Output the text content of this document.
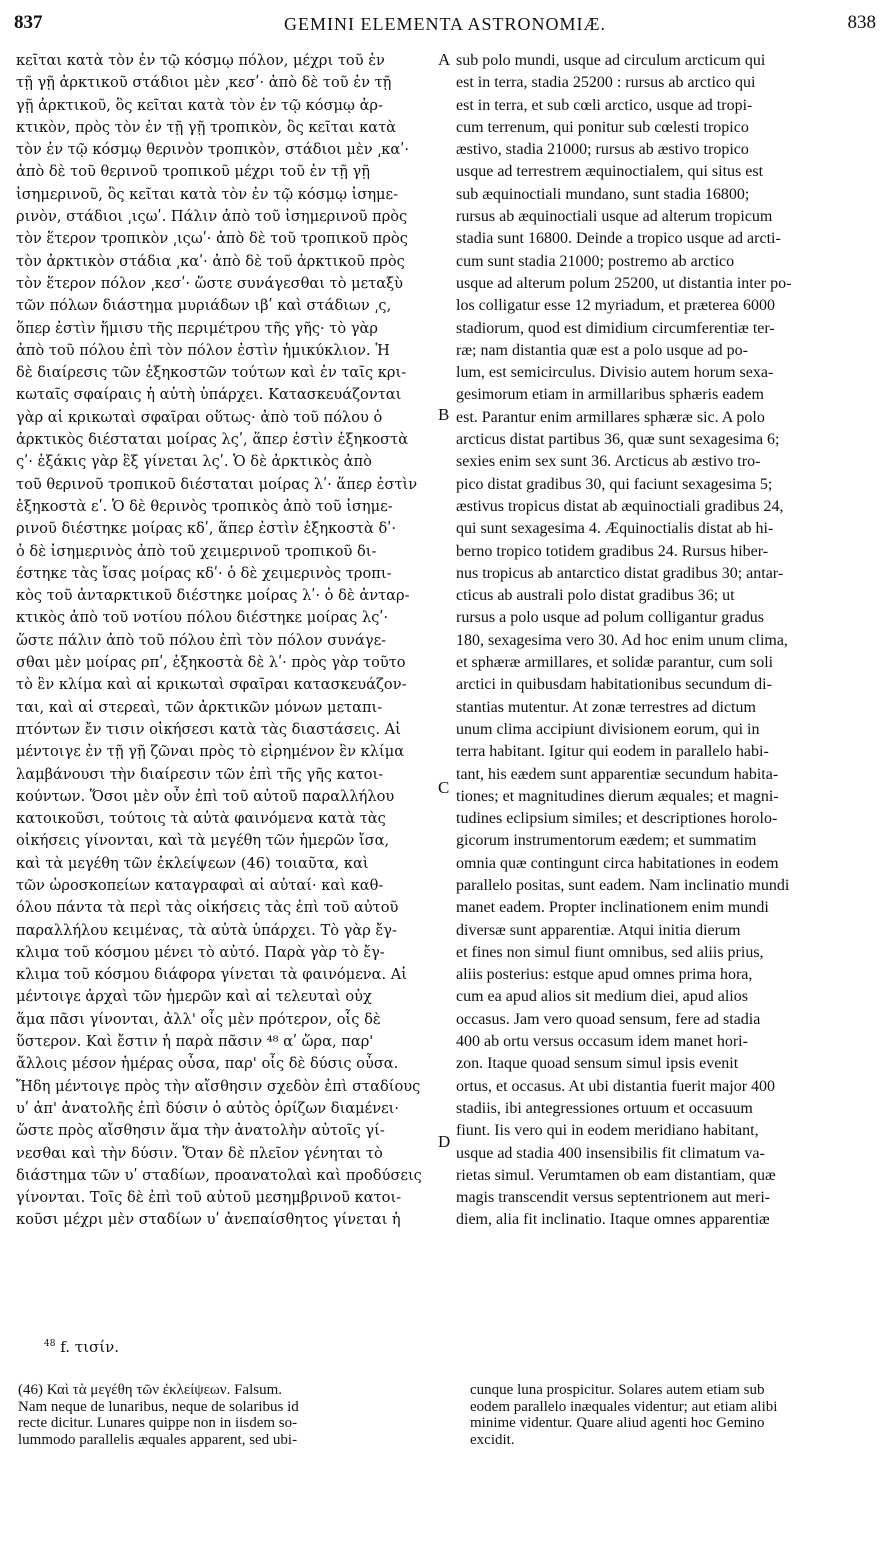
837	GEMINI ELEMENTA ASTRONOMIÆ.	838
κεῖται κατὰ τὸν ἐν τῷ κόσμῳ πόλον, μέχρι τοῦ ἐν
τῇ γῇ ἀρκτικοῦ στάδιοι μὲν ͵κεσʹ· ἀπὸ δὲ τοῦ ἐν τῇ
γῇ ἀρκτικοῦ, ὃς κεῖται κατὰ τὸν ἐν τῷ κόσμῳ ἀρ-
κτικὸν, πρὸς τὸν ἐν τῇ γῇ τροπικὸν, ὃς κεῖται κατὰ
τὸν ἐν τῷ κόσμῳ θερινὸν τροπικὸν, στάδιοι μὲν ͵καʹ·
ἀπὸ δὲ τοῦ θερινοῦ τροπικοῦ μέχρι τοῦ ἐν τῇ γῇ
ἰσημερινοῦ, ὃς κεῖται κατὰ τὸν ἐν τῷ κόσμῳ ἰσημε-
ρινὸν, στάδιοι ͵ιςωʹ. Πάλιν ἀπὸ τοῦ ἰσημερινοῦ πρὸς
τὸν ἕτερον τροπικὸν ͵ιςωʹ· ἀπὸ δὲ τοῦ τροπικοῦ πρὸς
τὸν ἀρκτικὸν στάδια ͵καʹ· ἀπὸ δὲ τοῦ ἀρκτικοῦ πρὸς
τὸν ἕτερον πόλον ͵κεσʹ· ὥστε συνάγεσθαι τὸ μεταξὺ
τῶν πόλων διάστημα μυριάδων ιβʹ καὶ στάδιων ͵ς,
ὅπερ ἐστὶν ἥμισυ τῆς περιμέτρου τῆς γῆς· τὸ γὰρ
ἀπὸ τοῦ πόλου ἐπὶ τὸν πόλον ἐστὶν ἡμικύκλιον. Ἡ
δὲ διαίρεσις τῶν ἑξηκοστῶν τούτων καὶ ἐν ταῖς κρι-
κωταῖς σφαίραις ἡ αὐτὴ ὑπάρχει. Κατασκευάζονται
γὰρ αἱ κρικωταὶ σφαῖραι οὕτως· ἀπὸ τοῦ πόλου ὁ
ἀρκτικὸς διέσταται μοίρας λςʹ, ἅπερ ἐστὶν ἑξηκοστὰ
ςʹ· ἑξάκις γὰρ ἓξ γίνεται λςʹ. Ὁ δὲ ἀρκτικὸς ἀπὸ
τοῦ θερινοῦ τροπικοῦ διέσταται μοίρας λʹ· ἅπερ ἐστὶν
ἑξηκοστὰ εʹ. Ὁ δὲ θερινὸς τροπικὸς ἀπὸ τοῦ ἰσημε-
ρινοῦ διέστηκε μοίρας κδʹ, ἅπερ ἐστὶν ἑξηκοστὰ δʹ·
ὁ δὲ ἰσημερινὸς ἀπὸ τοῦ χειμερινοῦ τροπικοῦ δι-
έστηκε τὰς ἴσας μοίρας κδʹ· ὁ δὲ χειμερινὸς τροπι-
κὸς τοῦ ἀνταρκτικοῦ διέστηκε μοίρας λʹ· ὁ δὲ ἀνταρ-
κτικὸς ἀπὸ τοῦ νοτίου πόλου διέστηκε μοίρας λςʹ·
ὥστε πάλιν ἀπὸ τοῦ πόλου ἐπὶ τὸν πόλον συνάγε-
σθαι μὲν μοίρας ρπʹ, ἑξηκοστὰ δὲ λʹ· πρὸς γὰρ τοῦτο
τὸ ἓν κλίμα καὶ αἱ κρικωταὶ σφαῖραι κατασκευάζον-
ται, καὶ αἱ στερεαὶ, τῶν ἀρκτικῶν μόνων μεταπι-
πτόντων ἔν τισιν οἰκήσεσι κατὰ τὰς διαστάσεις. Αἱ
μέντοιγε ἐν τῇ γῇ ζῶναι πρὸς τὸ εἰρημένον ἓν κλίμα
λαμβάνουσι τὴν διαίρεσιν τῶν ἐπὶ τῆς γῆς κατοι-
κούντων. Ὅσοι μὲν οὖν ἐπὶ τοῦ αὐτοῦ παραλλήλου
κατοικοῦσι, τούτοις τὰ αὐτὰ φαινόμενα κατὰ τὰς
οἰκήσεις γίνονται, καὶ τὰ μεγέθη τῶν ἡμερῶν ἴσα,
καὶ τὰ μεγέθη τῶν ἐκλείψεων (46) τοιαῦτα, καὶ
τῶν ὡροσκοπείων καταγραφαὶ αἱ αὐταί· καὶ καθ-
όλου πάντα τὰ περὶ τὰς οἰκήσεις τὰς ἐπὶ τοῦ αὐτοῦ
παραλλήλου κειμένας, τὰ αὐτὰ ὑπάρχει. Τὸ γὰρ ἔγ-
κλιμα τοῦ κόσμου μένει τὸ αὐτό. Παρὰ γὰρ τὸ ἔγ-
κλιμα τοῦ κόσμου διάφορα γίνεται τὰ φαινόμενα. Αἱ
μέντοιγε ἀρχαὶ τῶν ἡμερῶν καὶ αἱ τελευταὶ οὐχ
ἅμα πᾶσι γίνονται, ἀλλ' οἷς μὲν πρότερον, οἷς δὲ
ὕστερον. Καὶ ἔστιν ἡ παρὰ πᾶσιν ⁴⁸ αʹ ὥρα, παρ'
ἄλλοις μέσον ἡμέρας οὖσα, παρ' οἷς δὲ δύσις οὖσα.
Ἤδη μέντοιγε πρὸς τὴν αἴσθησιν σχεδὸν ἐπὶ σταδίους
υʹ ἀπ' ἀνατολῆς ἐπὶ δύσιν ὁ αὐτὸς ὁρίζων διαμένει·
ὥστε πρὸς αἴσθησιν ἅμα τὴν ἀνατολὴν αὐτοῖς γί-
νεσθαι καὶ τὴν δύσιν. Ὅταν δὲ πλεῖον γένηται τὸ
διάστημα τῶν υʹ σταδίων, προανατολαὶ καὶ προδύσεις
γίνονται. Τοῖς δὲ ἐπὶ τοῦ αὐτοῦ μεσημβρινοῦ κατοι-
κοῦσι μέχρι μὲν σταδίων υʹ ἀνεπαίσθητος γίνεται ἡ
sub polo mundi, usque ad circulum arcticum qui
est in terra, stadia 25200 : rursus ab arctico qui
est in terra, et sub cœli arctico, usque ad tropi-
cum terrenum, qui ponitur sub cœlesti tropico
æstivo, stadia 21000; rursus ab æstivo tropico
usque ad terrestrem æquinoctialem, qui situs est
sub æquinoctiali mundano, sunt stadia 16800;
rursus ab æquinoctiali usque ad alterum tropicum
stadia sunt 16800. Deinde a tropico usque ad arcti-
cum sunt stadia 21000; postremo ab arctico
usque ad alterum polum 25200, ut distantia inter po-
los colligatur esse 12 myriadum, et præterea 6000
stadiorum, quod est dimidium circumferentiæ ter-
ræ; nam distantia quæ est a polo usque ad po-
lum, est semicirculus. Divisio autem horum sexa-
gesimorum etiam in armillaribus sphæris eadem
est. Parantur enim armillares sphæræ sic. A polo
arcticus distat partibus 36, quæ sunt sexagesima 6;
sexies enim sex sunt 36. Arcticus ab æstivo tro-
pico distat gradibus 30, qui faciunt sexagesima 5;
æstivus tropicus distat ab æquinoctiali gradibus 24,
qui sunt sexagesima 4. Æquinoctialis distat ab hi-
berno tropico totidem gradibus 24. Rursus hiber-
nus tropicus ab antarctico distat gradibus 30; antar-
cticus ab australi polo distat gradibus 36; ut
rursus a polo usque ad polum colligantur gradus
180, sexagesima vero 30. Ad hoc enim unum clima,
et sphæræ armillares, et solidæ parantur, cum soli
arctici in quibusdam habitationibus secundum di-
stantias mutentur. At zonæ terrestres ad dictum
unum clima accipiunt divisionem eorum, qui in
terra habitant. Igitur qui eodem in parallelo habi-
tant, his eædem sunt apparentiæ secundum habita-
tiones; et magnitudines dierum æquales; et magni-
tudines eclipsium similes; et descriptiones horolo-
gicorum instrumentorum eædem; et summatim
omnia quæ contingunt circa habitationes in eodem
parallelo positas, sunt eadem. Nam inclinatio mundi
manet eadem. Propter inclinationem enim mundi
diversæ sunt apparentiæ. Atqui initia dierum
et fines non simul fiunt omnibus, sed aliis prius,
aliis posterius: estque apud omnes prima hora,
cum ea apud alios sit medium diei, apud alios
occasus. Jam vero quoad sensum, fere ad stadia
400 ab ortu versus occasum idem manet hori-
zon. Itaque quoad sensum simul ipsis evenit
ortus, et occasus. At ubi distantia fuerit major 400
stadiis, ibi antegressiones ortuum et occasuum
fiunt. Iis vero qui in eodem meridiano habitant,
usque ad stadia 400 insensibilis fit climatum va-
rietas simul. Verumtamen ob eam distantiam, quæ
magis transcendit versus septentrionem aut meri-
diem, alia fit inclinatio. Itaque omnes apparentiæ
A
B
C
D
$^{48}$ f. τισίν.
(46) Καὶ τὰ μεγέθη τῶν ἐκλείψεων. Falsum.
Nam neque de lunaribus, neque de solaribus id
recte dicitur. Lunares quippe non in iisdem so-
lummodo parallelis æquales apparent, sed ubi-
cunque luna prospicitur. Solares autem etiam sub
eodem parallelo inæquales videntur; aut etiam alibi
minime videntur. Quare aliud agenti hoc Gemino
excidit.
